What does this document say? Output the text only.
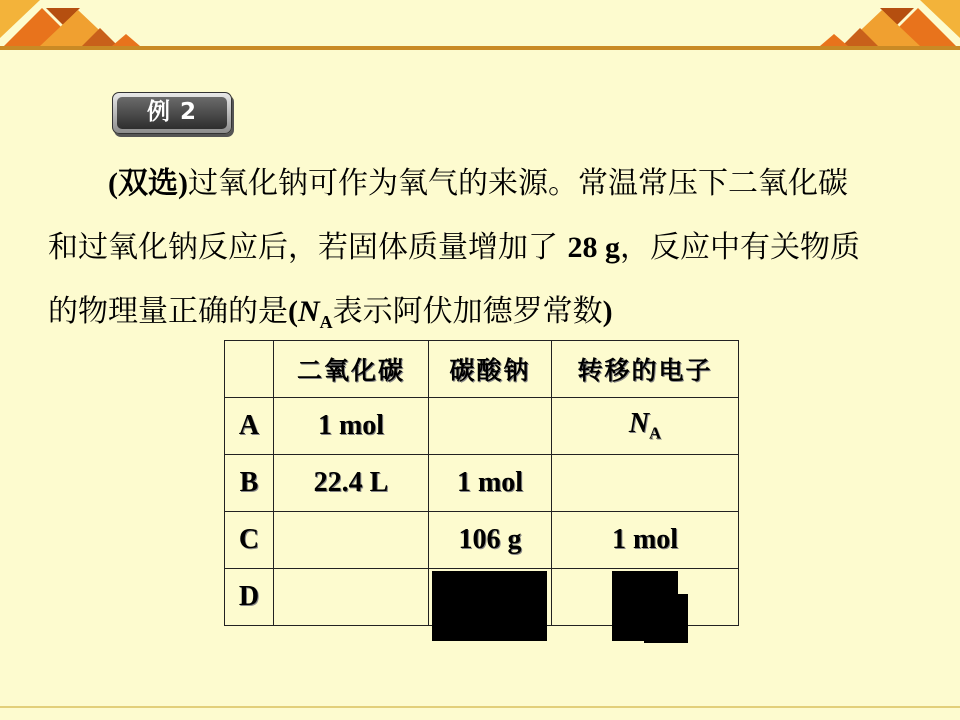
例 2
(双选)过氧化钠可作为氧气的来源。常温常压下二氧化碳
和过氧化钠反应后，若固体质量增加了 28 g，反应中有关物质
的物理量正确的是($N_A$表示阿伏加德罗常数)
	二氧化碳	碳酸钠	转移的电子
A	1 mol		$N_A$
B	22.4 L	1 mol	
C		106 g	1 mol
D			
